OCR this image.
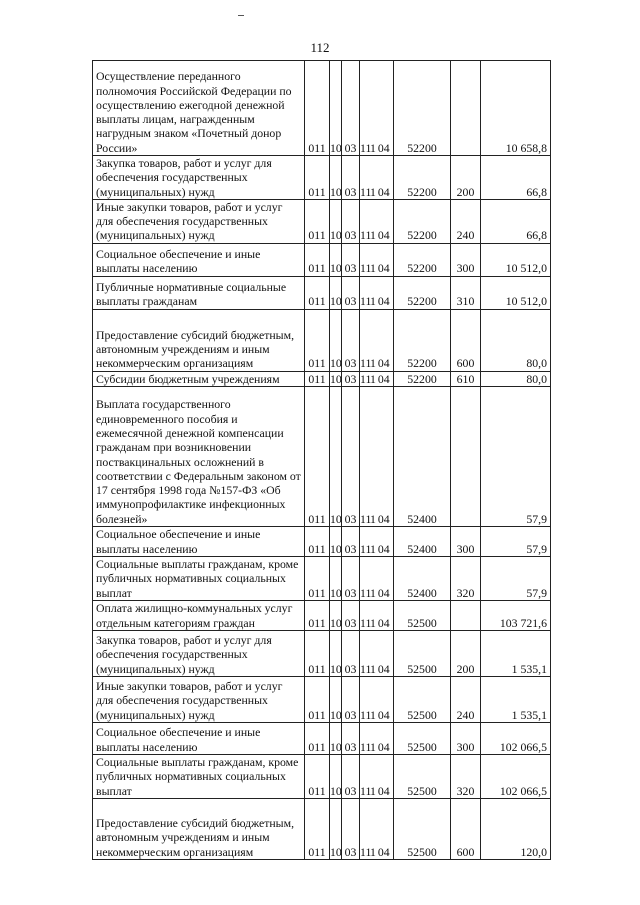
112
Осуществление переданного полномочия Российской Федерации по осуществлению ежегодной денежной выплаты лицам, награжденным нагрудным знаком «Почетный донор России»	011	10	03	111	04	52200		10 658,8
Закупка товаров, работ и услуг для обеспечения государственных (муниципальных) нужд	011	10	03	111	04	52200	200	66,8
Иные закупки товаров, работ и услуг для обеспечения государственных (муниципальных) нужд	011	10	03	111	04	52200	240	66,8
Социальное обеспечение и иные выплаты населению	011	10	03	111	04	52200	300	10 512,0
Публичные нормативные социальные выплаты гражданам	011	10	03	111	04	52200	310	10 512,0
Предоставление субсидий бюджетным, автономным учреждениям и иным некоммерческим организациям	011	10	03	111	04	52200	600	80,0
Субсидии бюджетным учреждениям	011	10	03	111	04	52200	610	80,0
Выплата государственного единовременного пособия и ежемесячной денежной компенсации гражданам при возникновении поствакцинальных осложнений в соответствии с Федеральным законом от 17 сентября 1998 года №157-ФЗ «Об иммунопрофилактике инфекционных болезней»	011	10	03	111	04	52400		57,9
Социальное обеспечение и иные выплаты населению	011	10	03	111	04	52400	300	57,9
Социальные выплаты гражданам, кроме публичных нормативных социальных выплат	011	10	03	111	04	52400	320	57,9
Оплата жилищно-коммунальных услуг отдельным категориям граждан	011	10	03	111	04	52500		103 721,6
Закупка товаров, работ и услуг для обеспечения государственных (муниципальных) нужд	011	10	03	111	04	52500	200	1 535,1
Иные закупки товаров, работ и услуг для обеспечения государственных (муниципальных) нужд	011	10	03	111	04	52500	240	1 535,1
Социальное обеспечение и иные выплаты населению	011	10	03	111	04	52500	300	102 066,5
Социальные выплаты гражданам, кроме публичных нормативных социальных выплат	011	10	03	111	04	52500	320	102 066,5
Предоставление субсидий бюджетным, автономным учреждениям и иным некоммерческим организациям	011	10	03	111	04	52500	600	120,0
